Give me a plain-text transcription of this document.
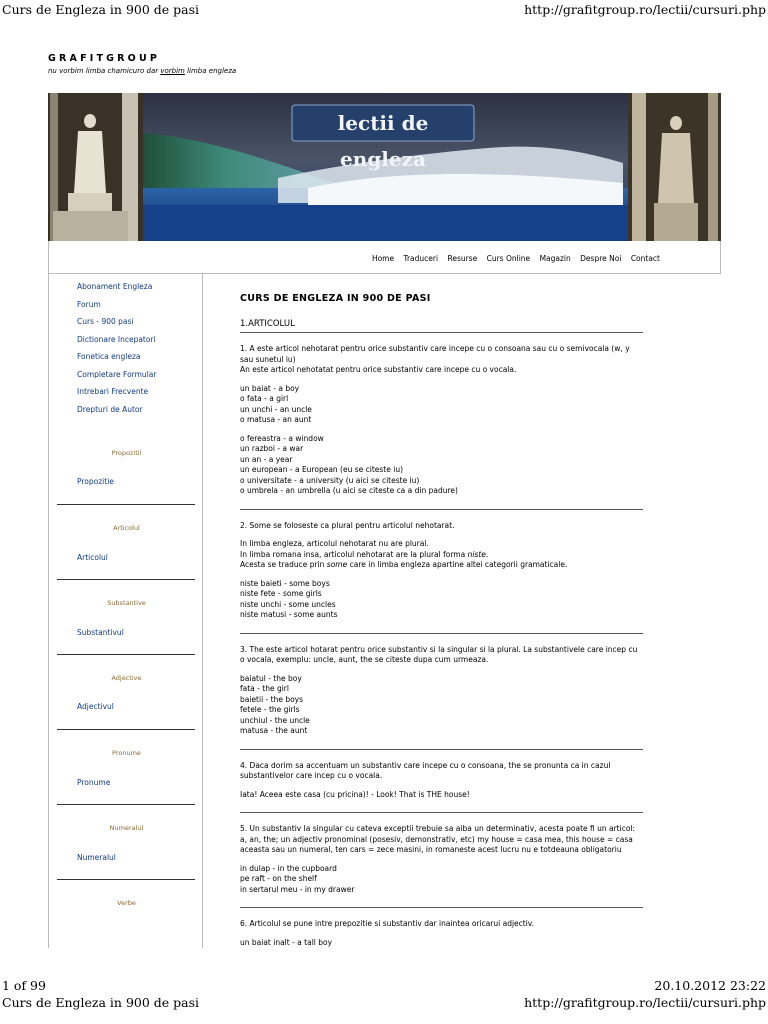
Curs de Engleza in 900 de pasi	http://grafitgroup.ro/lectii/cursuri.php
GRAFITGROUP
nu vorbim limba chamicuro dar vorbim limba engleza
lectii de engleza
Home Traduceri Resurse Curs Online Magazin Despre Noi Contact
Abonament Engleza
Forum
Curs - 900 pasi
Dictionare Incepatori
Fonetica engleza
Completare Formular
Intrebari Frecvente
Drepturi de Autor
Propozitii
Propozitie
Articolul
Articolul
Substantive
Substantivul
Adjective
Adjectivul
Pronume
Pronume
Numeralul
Numeralul
Verbe
CURS DE ENGLEZA IN 900 DE PASI
1.ARTICOLUL

1. A este articol nehotarat pentru orice substantiv care incepe cu o consoana sau cu o semivocala (w, y sau sunetul iu)

An este articol nehotatat pentru orice substantiv care incepe cu o vocala.

un baiat - a boy

o fata - a girl

un unchi - an uncle

o matusa - an aunt

o fereastra - a window

un razboi - a war

un an - a year

un european - a European (eu se citeste iu)

o universitate - a university (u aici se citeste iu)

o umbrela - an umbrella (u aici se citeste ca a din padure)

2. Some se foloseste ca plural pentru articolul nehotarat.

In limba engleza, articolul nehotarat nu are plural.

In limba romana insa, articolul nehotarat are la plural forma niste.

Acesta se traduce prin some care in limba engleza apartine altei categorii gramaticale.

niste baieti - some boys

niste fete - some girls

niste unchi - some uncles

niste matusi - some aunts

3. The este articol hotarat pentru orice substantiv si la singular si la plural. La substantivele care incep cu o vocala, exemplu: uncle, aunt, the se citeste dupa cum urmeaza.

baiatul - the boy

fata - the girl

baietii - the boys

fetele - the girls

unchiul - the uncle

matusa - the aunt

4. Daca dorim sa accentuam un substantiv care incepe cu o consoana, the se pronunta ca in cazul substantivelor care incep cu o vocala.

Iata! Aceea este casa (cu pricina)! - Look! That is THE house!

5. Un substantiv la singular cu cateva exceptii trebuie sa aiba un determinativ, acesta poate fi un articol: a, an, the; un adjectiv pronominal (posesiv, demonstrativ, etc) my house = casa mea, this house = casa aceasta sau un numeral, ten cars = zece masini, in romaneste acest lucru nu e totdeauna obligatoriu

in dulap - in the cupboard

pe raft - on the shelf

in sertarul meu - in my drawer

6. Articolul se pune intre prepozitie si substantiv dar inaintea oricarui adjectiv.

un baiat inalt - a tall boy

1 of 99	20.10.2012 23:22
Curs de Engleza in 900 de pasi	http://grafitgroup.ro/lectii/cursuri.php
